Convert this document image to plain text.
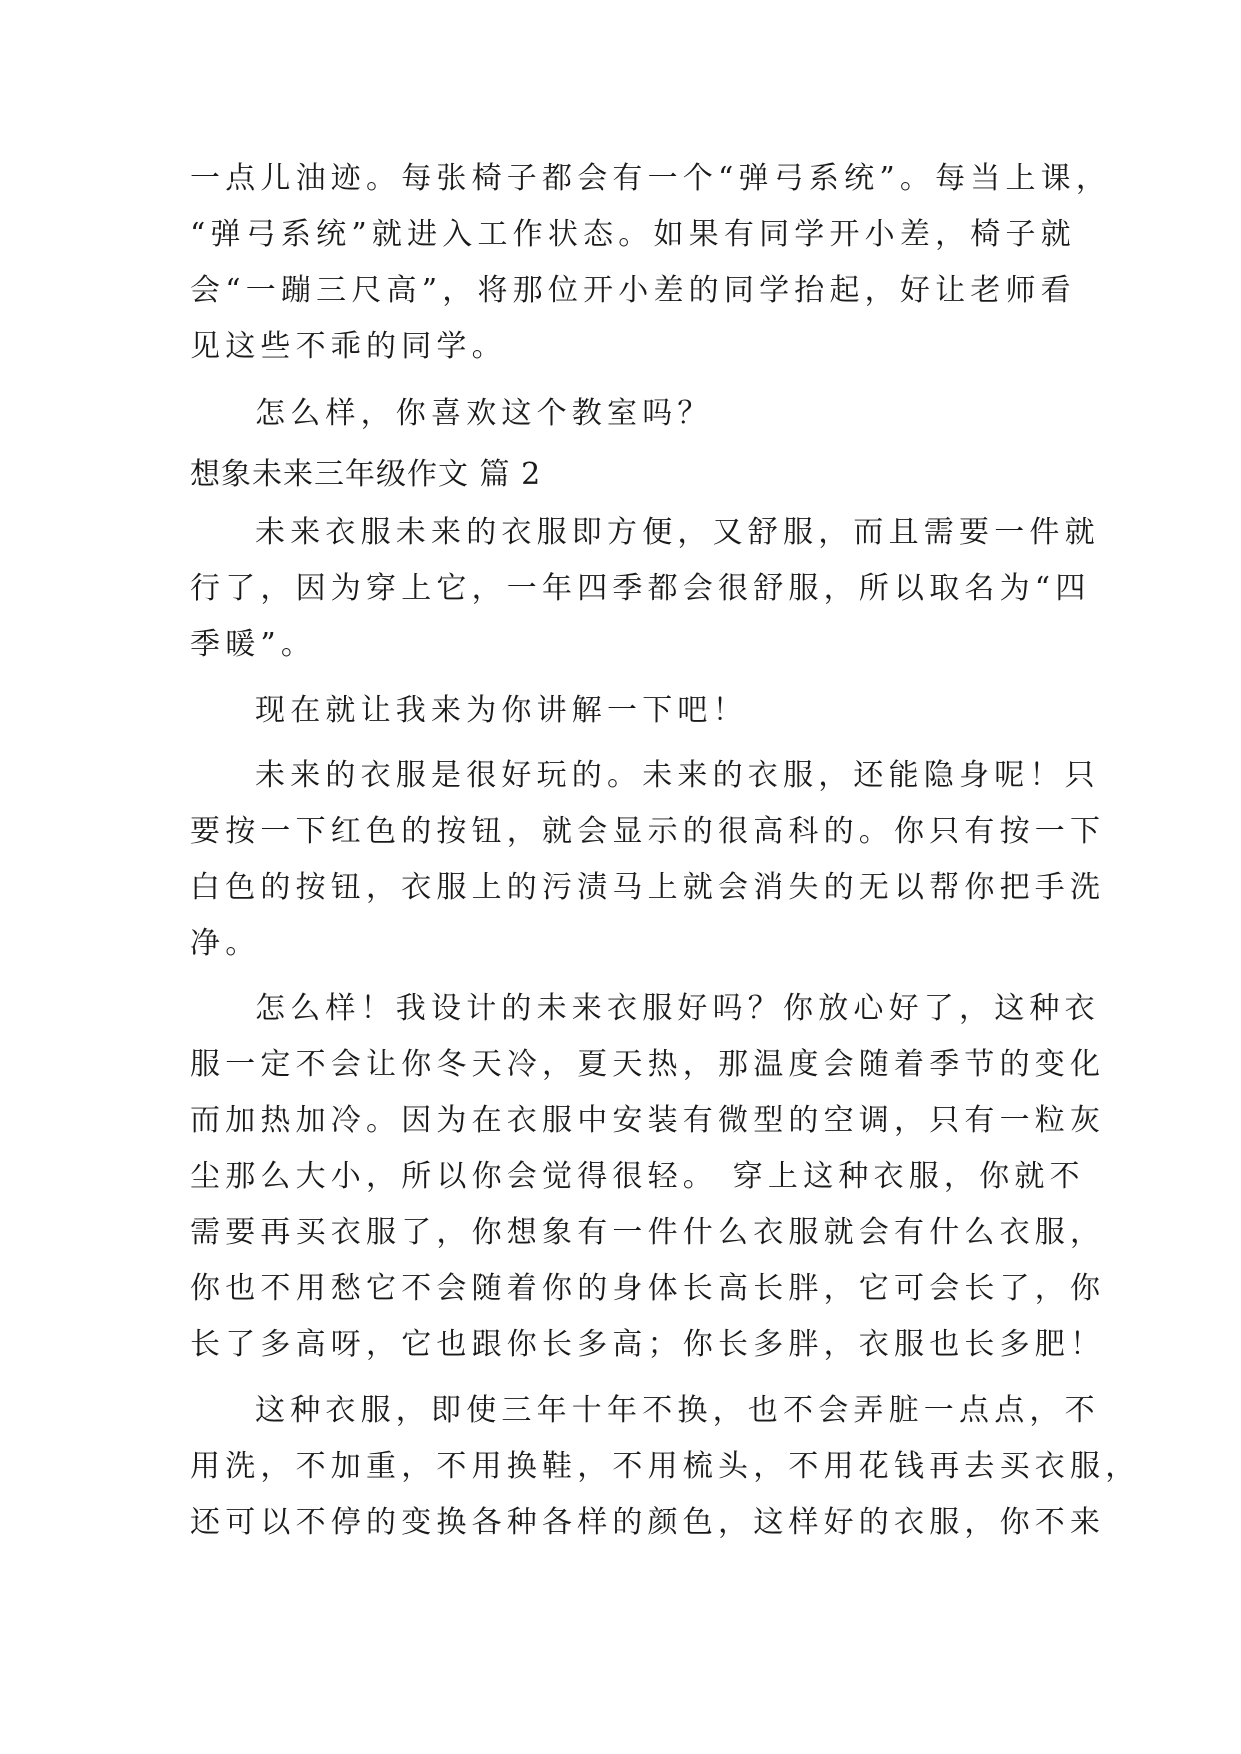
一点儿油迹。每张椅子都会有一个“弹弓系统”。每当上课，
“弹弓系统”就进入工作状态。如果有同学开小差，椅子就
会“一蹦三尺高”，将那位开小差的同学抬起，好让老师看
见这些不乖的同学。
怎么样，你喜欢这个教室吗？
想象未来三年级作文 篇 2
未来衣服未来的衣服即方便，又舒服，而且需要一件就
行了，因为穿上它，一年四季都会很舒服，所以取名为“四
季暖”。
现在就让我来为你讲解一下吧！
未来的衣服是很好玩的。未来的衣服，还能隐身呢！只
要按一下红色的按钮，就会显示的很高科的。你只有按一下
白色的按钮，衣服上的污渍马上就会消失的无以帮你把手洗
净。
怎么样！我设计的未来衣服好吗？你放心好了，这种衣
服一定不会让你冬天冷，夏天热，那温度会随着季节的变化
而加热加冷。因为在衣服中安装有微型的空调，只有一粒灰
尘那么大小，所以你会觉得很轻。 穿上这种衣服，你就不
需要再买衣服了，你想象有一件什么衣服就会有什么衣服，
你也不用愁它不会随着你的身体长高长胖，它可会长了，你
长了多高呀，它也跟你长多高；你长多胖，衣服也长多肥！
这种衣服，即使三年十年不换，也不会弄脏一点点，不
用洗，不加重，不用换鞋，不用梳头，不用花钱再去买衣服，
还可以不停的变换各种各样的颜色，这样好的衣服，你不来
